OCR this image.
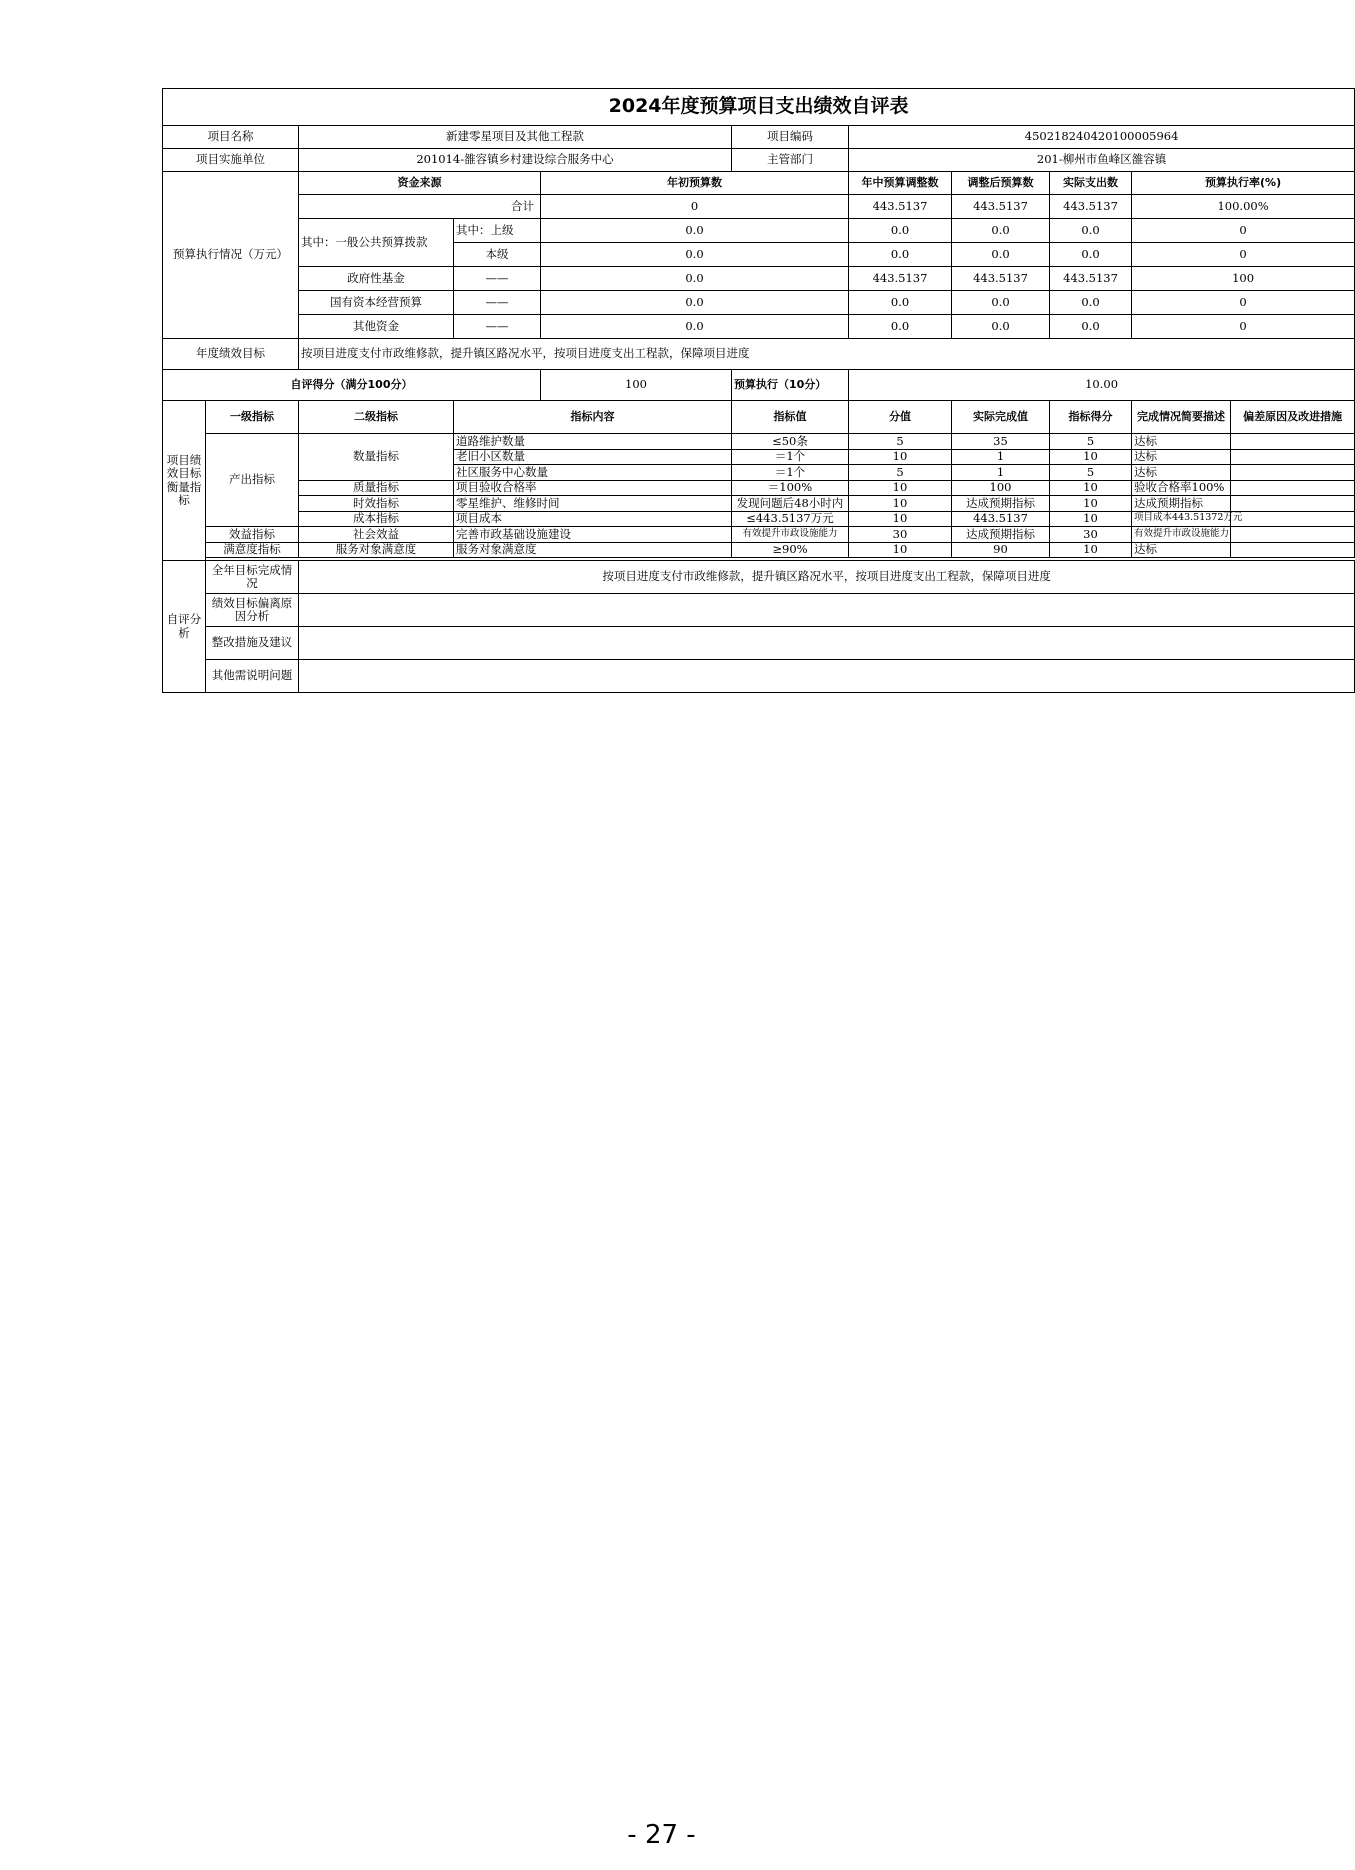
2024年度预算项目支出绩效自评表										
项目名称		新建零星项目及其他工程款			项目编码	450218240420100005964				
项目实施单位		201014-雒容镇乡村建设综合服务中心			主管部门	201-柳州市鱼峰区雒容镇				
预算执行情况（万元）		资金来源		年初预算数		年中预算调整数	调整后预算数	实际支出数	预算执行率(%)	
		合计		0		443.5137	443.5137	443.5137	100.00%	
		其中：一般公共预算拨款	其中：上级	0.0		0.0	0.0	0.0	0	
			本级	0.0		0.0	0.0	0.0	0	
		政府性基金	——	0.0		443.5137	443.5137	443.5137	100	
		国有资本经营预算	——	0.0		0.0	0.0	0.0	0	
		其他资金	——	0.0		0.0	0.0	0.0	0	
年度绩效目标		按项目进度支付市政维修款，提升镇区路况水平，按项目进度支出工程款，保障项目进度								
自评得分（满分100分）				100	预算执行（10分）	10.00				
项目绩效目标衡量指标	一级指标	二级指标	指标内容		指标值	分值	实际完成值	指标得分	完成情况简要描述	偏差原因及改进措施
	产出指标	数量指标	道路维护数量		≤50条	5	35	5	达标	
			老旧小区数量		＝1个	10	1	10	达标	
			社区服务中心数量		＝1个	5	1	5	达标	
		质量指标	项目验收合格率		＝100%	10	100	10	验收合格率100%	
		时效指标	零星维护、维修时间		发现问题后48小时内	10	达成预期指标	10	达成预期指标	
		成本指标	项目成本		≤443.5137万元	10	443.5137	10	项目成本443.51372万元	
	效益指标	社会效益	完善市政基础设施建设		有效提升市政设施能力	30	达成预期指标	30	有效提升市政设施能力	
	满意度指标	服务对象满意度	服务对象满意度		≥90%	10	90	10	达标	

自评分析	全年目标完成情况	按项目进度支付市政维修款，提升镇区路况水平，按项目进度支出工程款，保障项目进度								
	绩效目标偏离原因分析									
	整改措施及建议									
	其他需说明问题									
- 27 -
